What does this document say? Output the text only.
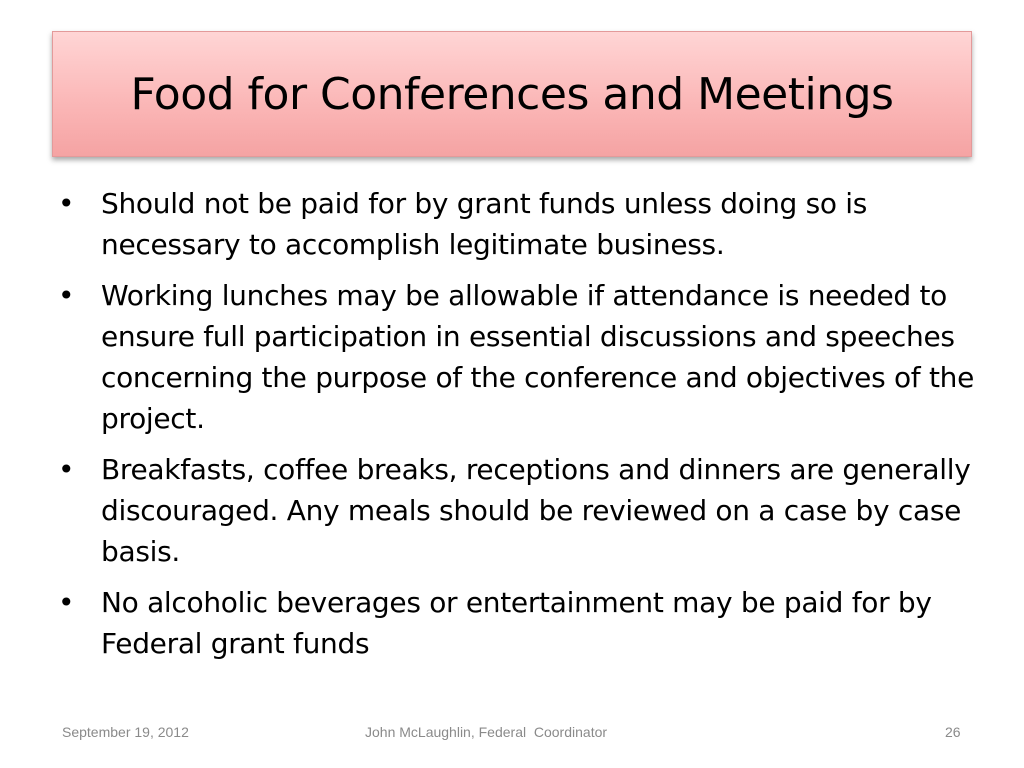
Food for Conferences and Meetings
• Should not be paid for by grant funds unless doing so is necessary to accomplish legitimate business.
• Working lunches may be allowable if attendance is needed to ensure full participation in essential discussions and speeches concerning the purpose of the conference and objectives of the project.
• Breakfasts, coffee breaks, receptions and dinners are generally discouraged. Any meals should be reviewed on a case by case basis.
• No alcoholic beverages or entertainment may be paid for by Federal grant funds
September 19, 2012	John McLaughlin, Federal  Coordinator	26
